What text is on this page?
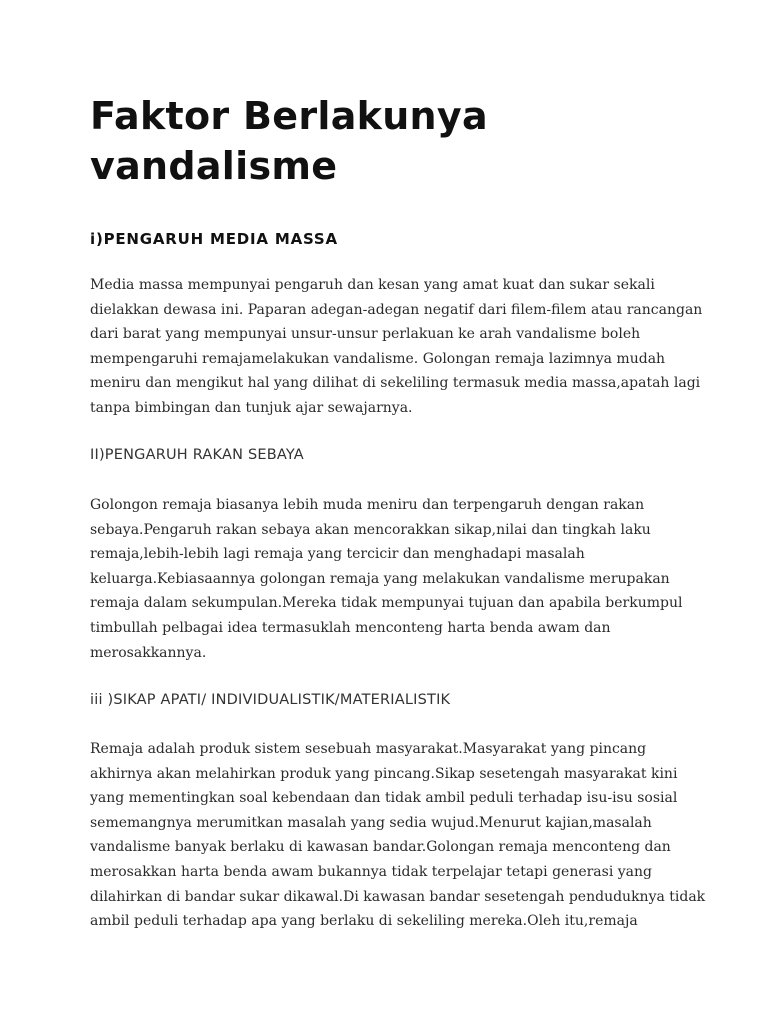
Faktor Berlakunya
vandalisme
i)PENGARUH MEDIA MASSA

Media massa mempunyai pengaruh dan kesan yang amat kuat dan sukar sekali
dielakkan dewasa ini. Paparan adegan-adegan negatif dari filem-filem atau rancangan
dari barat yang mempunyai unsur-unsur perlakuan ke arah vandalisme boleh
mempengaruhi remajamelakukan vandalisme. Golongan remaja lazimnya mudah
meniru dan mengikut hal yang dilihat di sekeliling termasuk media massa,apatah lagi
tanpa bimbingan dan tunjuk ajar sewajarnya.

II)PENGARUH RAKAN SEBAYA

Golongon remaja biasanya lebih muda meniru dan terpengaruh dengan rakan
sebaya.Pengaruh rakan sebaya akan mencorakkan sikap,nilai dan tingkah laku
remaja,lebih-lebih lagi remaja yang tercicir dan menghadapi masalah
keluarga.Kebiasaannya golongan remaja yang melakukan vandalisme merupakan
remaja dalam sekumpulan.Mereka tidak mempunyai tujuan dan apabila berkumpul
timbullah pelbagai idea termasuklah menconteng harta benda awam dan
merosakkannya.

iii )SIKAP APATI/ INDIVIDUALISTIK/MATERIALISTIK

Remaja adalah produk sistem sesebuah masyarakat.Masyarakat yang pincang
akhirnya akan melahirkan produk yang pincang.Sikap sesetengah masyarakat kini
yang mementingkan soal kebendaan dan tidak ambil peduli terhadap isu-isu sosial
sememangnya merumitkan masalah yang sedia wujud.Menurut kajian,masalah
vandalisme banyak berlaku di kawasan bandar.Golongan remaja menconteng dan
merosakkan harta benda awam bukannya tidak terpelajar tetapi generasi yang
dilahirkan di bandar sukar dikawal.Di kawasan bandar sesetengah penduduknya tidak
ambil peduli terhadap apa yang berlaku di sekeliling mereka.Oleh itu,remaja
